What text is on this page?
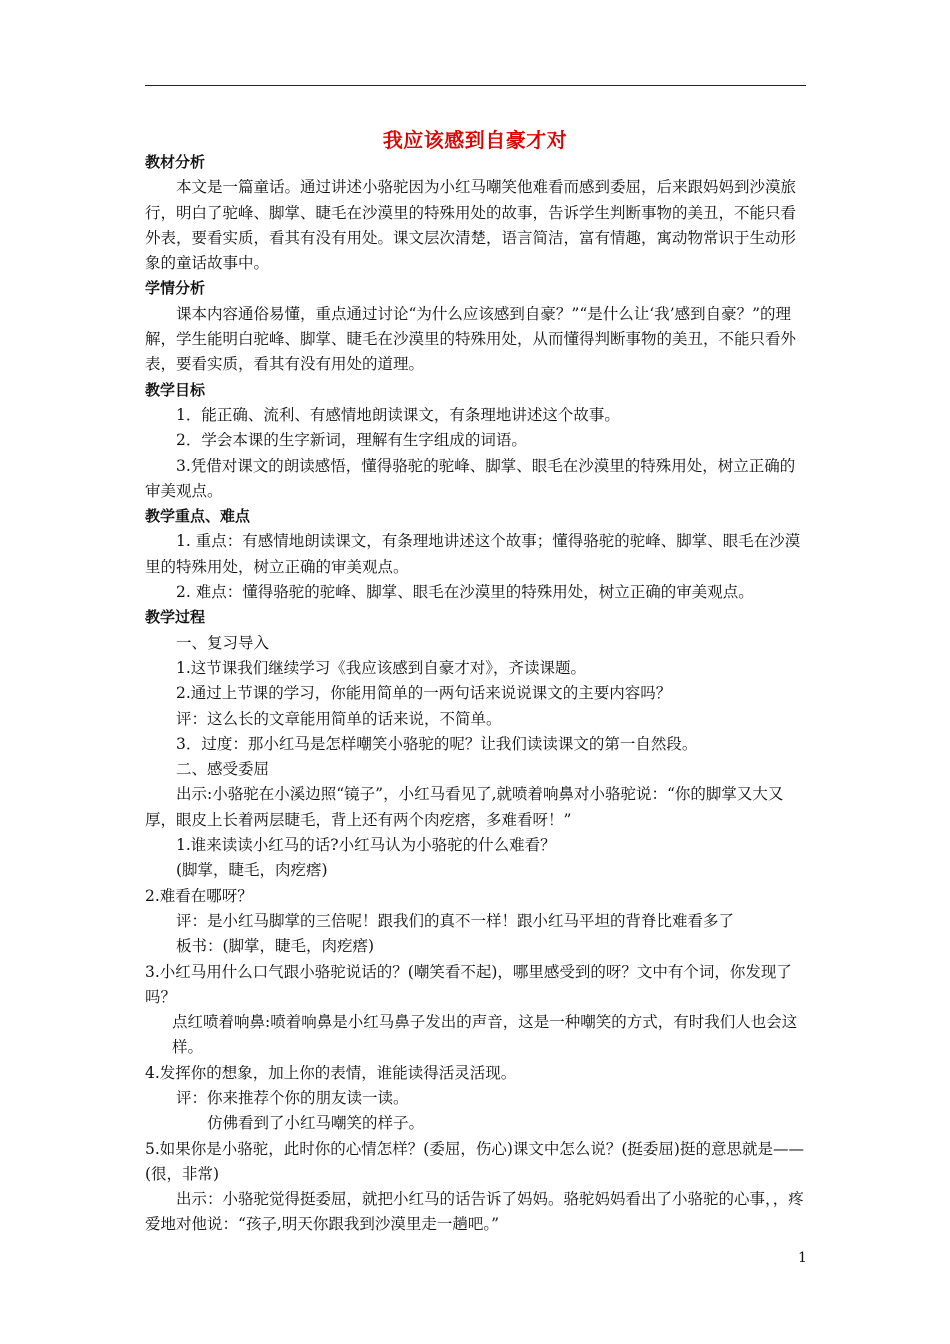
我应该感到自豪才对

教材分析

本文是一篇童话。通过讲述小骆驼因为小红马嘲笑他难看而感到委屈，后来跟妈妈到沙漠旅行，明白了驼峰、脚掌、睫毛在沙漠里的特殊用处的故事，告诉学生判断事物的美丑，不能只看外表，要看实质，看其有没有用处。课文层次清楚，语言简洁，富有情趣，寓动物常识于生动形象的童话故事中。

学情分析

课本内容通俗易懂，重点通过讨论“为什么应该感到自豪？”“是什么让‘我’感到自豪？”的理解，学生能明白驼峰、脚掌、睫毛在沙漠里的特殊用处，从而懂得判断事物的美丑，不能只看外表，要看实质，看其有没有用处的道理。

教学目标

1．能正确、流利、有感情地朗读课文，有条理地讲述这个故事。

2．学会本课的生字新词，理解有生字组成的词语。

3.凭借对课文的朗读感悟，懂得骆驼的驼峰、脚掌、眼毛在沙漠里的特殊用处，树立正确的审美观点。

教学重点、难点

1. 重点：有感情地朗读课文，有条理地讲述这个故事；懂得骆驼的驼峰、脚掌、眼毛在沙漠里的特殊用处，树立正确的审美观点。

2. 难点：懂得骆驼的驼峰、脚掌、眼毛在沙漠里的特殊用处，树立正确的审美观点。

教学过程

一、复习导入

1.这节课我们继续学习《我应该感到自豪才对》，齐读课题。

2.通过上节课的学习，你能用简单的一两句话来说说课文的主要内容吗？

评：这么长的文章能用简单的话来说，不简单。

3．过度：那小红马是怎样嘲笑小骆驼的呢？让我们读读课文的第一自然段。

二、感受委屈

出示:小骆驼在小溪边照“镜子”，小红马看见了,就喷着响鼻对小骆驼说：“你的脚掌又大又厚，眼皮上长着两层睫毛，背上还有两个肉疙瘩，多难看呀！”

1.谁来读读小红马的话?小红马认为小骆驼的什么难看？

(脚掌，睫毛，肉疙瘩)

2.难看在哪呀？

评：是小红马脚掌的三倍呢！跟我们的真不一样！跟小红马平坦的背脊比难看多了

板书：(脚掌，睫毛，肉疙瘩)

3.小红马用什么口气跟小骆驼说话的？(嘲笑看不起)，哪里感受到的呀？文中有个词，你发现了吗？

点红喷着响鼻:喷着响鼻是小红马鼻子发出的声音，这是一种嘲笑的方式，有时我们人也会这样。

4.发挥你的想象，加上你的表情，谁能读得活灵活现。

评：你来推荐个你的朋友读一读。

仿佛看到了小红马嘲笑的样子。

5.如果你是小骆驼，此时你的心情怎样？(委屈，伤心)课文中怎么说？(挺委屈)挺的意思就是——(很，非常)

出示：小骆驼觉得挺委屈，就把小红马的话告诉了妈妈。骆驼妈妈看出了小骆驼的心事，，疼爱地对他说：“孩子,明天你跟我到沙漠里走一趟吧。”

1
